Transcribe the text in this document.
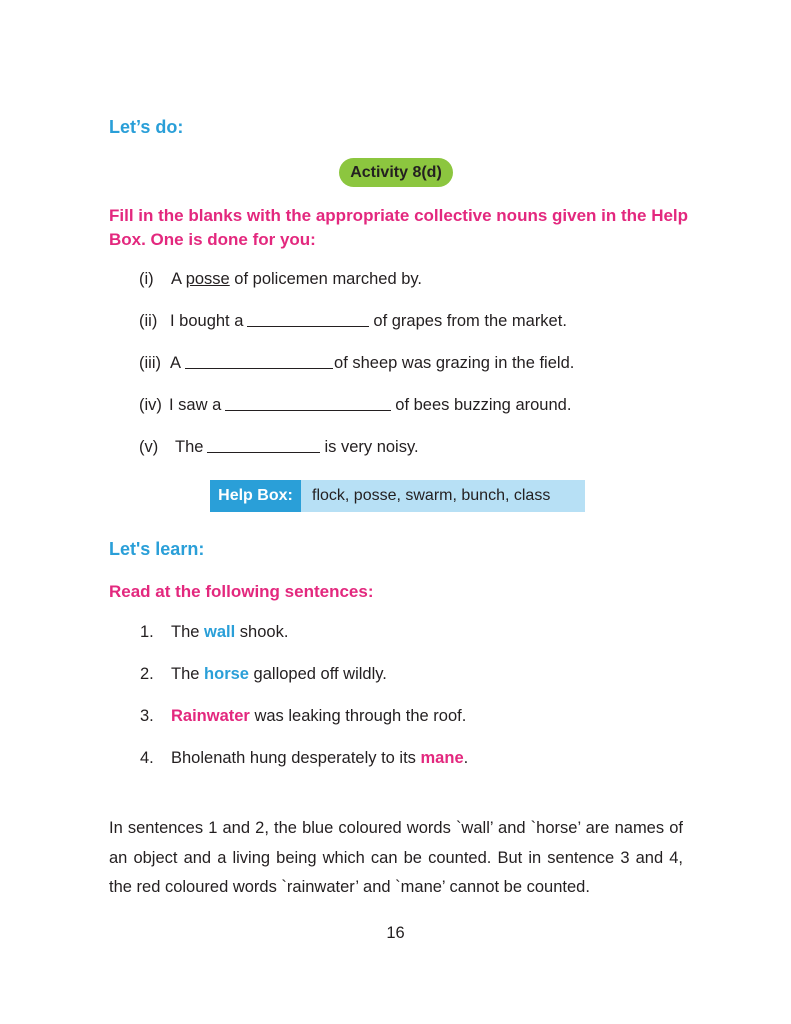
Let’s do:
Activity 8(d)
Fill in the blanks with the appropriate collective nouns given in the Help Box. One is done for you:
(i)	A posse of policemen marched by.
(ii) I bought a	of grapes from the market.
(iii) A	of sheep was grazing in the field.
(iv) I saw a	of bees buzzing around.
(v)	The	is very noisy.
Help Box:	flock, posse, swarm, bunch, class
Let's learn:
Read at the following sentences:
1.	The wall shook.
2.	The horse galloped off wildly.
3.	Rainwater was leaking through the roof.
4.	Bholenath hung desperately to its mane .
In sentences 1 and 2, the blue coloured words `wall’ and `horse’ are names of an object and a living being which can be counted. But in sentence 3 and 4, the red coloured words `rainwater’ and `mane’ cannot be counted.
16
